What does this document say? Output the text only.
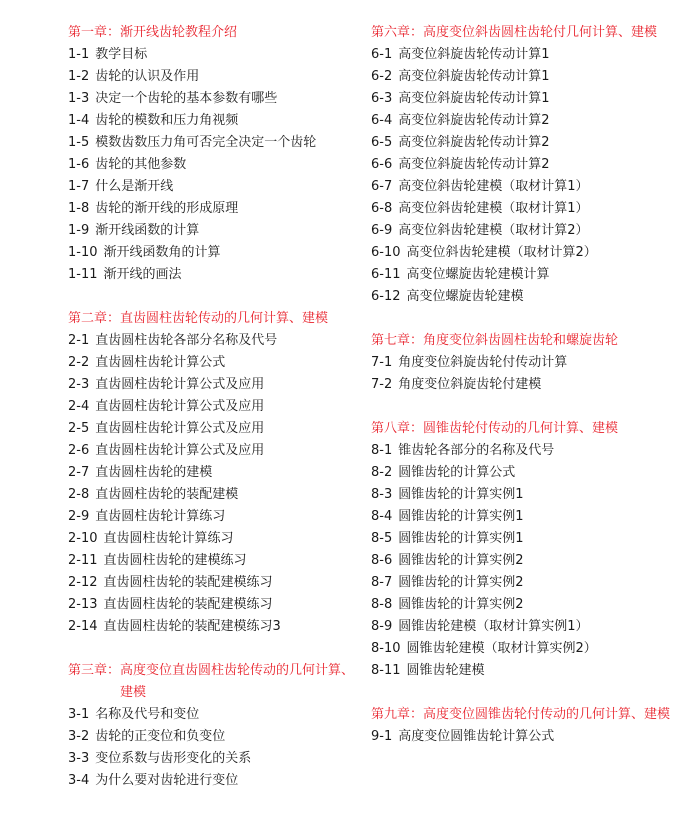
第一章： 渐开线齿轮教程介绍
1-1 教学目标
1-2 齿轮的认识及作用
1-3 决定一个齿轮的基本参数有哪些
1-4 齿轮的模数和压力角视频
1-5 模数齿数压力角可否完全决定一个齿轮
1-6 齿轮的其他参数
1-7 什么是渐开线
1-8 齿轮的渐开线的形成原理
1-9 渐开线函数的计算
1-10 渐开线函数角的计算
1-11 渐开线的画法
第二章： 直齿圆柱齿轮传动的几何计算、建模
2-1 直齿圆柱齿轮各部分名称及代号
2-2 直齿圆柱齿轮计算公式
2-3 直齿圆柱齿轮计算公式及应用
2-4 直齿圆柱齿轮计算公式及应用
2-5 直齿圆柱齿轮计算公式及应用
2-6 直齿圆柱齿轮计算公式及应用
2-7 直齿圆柱齿轮的建模
2-8 直齿圆柱齿轮的装配建模
2-9 直齿圆柱齿轮计算练习
2-10 直齿圆柱齿轮计算练习
2-11 直齿圆柱齿轮的建模练习
2-12 直齿圆柱齿轮的装配建模练习
2-13 直齿圆柱齿轮的装配建模练习
2-14 直齿圆柱齿轮的装配建模练习3
第三章： 高度变位直齿圆柱齿轮传动的几何计算、建模
3-1 名称及代号和变位
3-2 齿轮的正变位和负变位
3-3 变位系数与齿形变化的关系
3-4 为什么要对齿轮进行变位
第六章： 高度变位斜齿圆柱齿轮付几何计算、建模
6-1 高变位斜旋齿轮传动计算1
6-2 高变位斜旋齿轮传动计算1
6-3 高变位斜旋齿轮传动计算1
6-4 高变位斜旋齿轮传动计算2
6-5 高变位斜旋齿轮传动计算2
6-6 高变位斜旋齿轮传动计算2
6-7 高变位斜齿轮建模（取材计算1）
6-8 高变位斜齿轮建模（取材计算1）
6-9 高变位斜齿轮建模（取材计算2）
6-10 高变位斜齿轮建模（取材计算2）
6-11 高变位螺旋齿轮建模计算
6-12 高变位螺旋齿轮建模
第七章： 角度变位斜齿圆柱齿轮和螺旋齿轮
7-1 角度变位斜旋齿轮付传动计算
7-2 角度变位斜旋齿轮付建模
第八章： 圆锥齿轮付传动的几何计算、建模
8-1 锥齿轮各部分的名称及代号
8-2 圆锥齿轮的计算公式
8-3 圆锥齿轮的计算实例1
8-4 圆锥齿轮的计算实例1
8-5 圆锥齿轮的计算实例1
8-6 圆锥齿轮的计算实例2
8-7 圆锥齿轮的计算实例2
8-8 圆锥齿轮的计算实例2
8-9 圆锥齿轮建模（取材计算实例1）
8-10 圆锥齿轮建模（取材计算实例2）
8-11 圆锥齿轮建模
第九章： 高度变位圆锥齿轮付传动的几何计算、建模
9-1 高度变位圆锥齿轮计算公式
